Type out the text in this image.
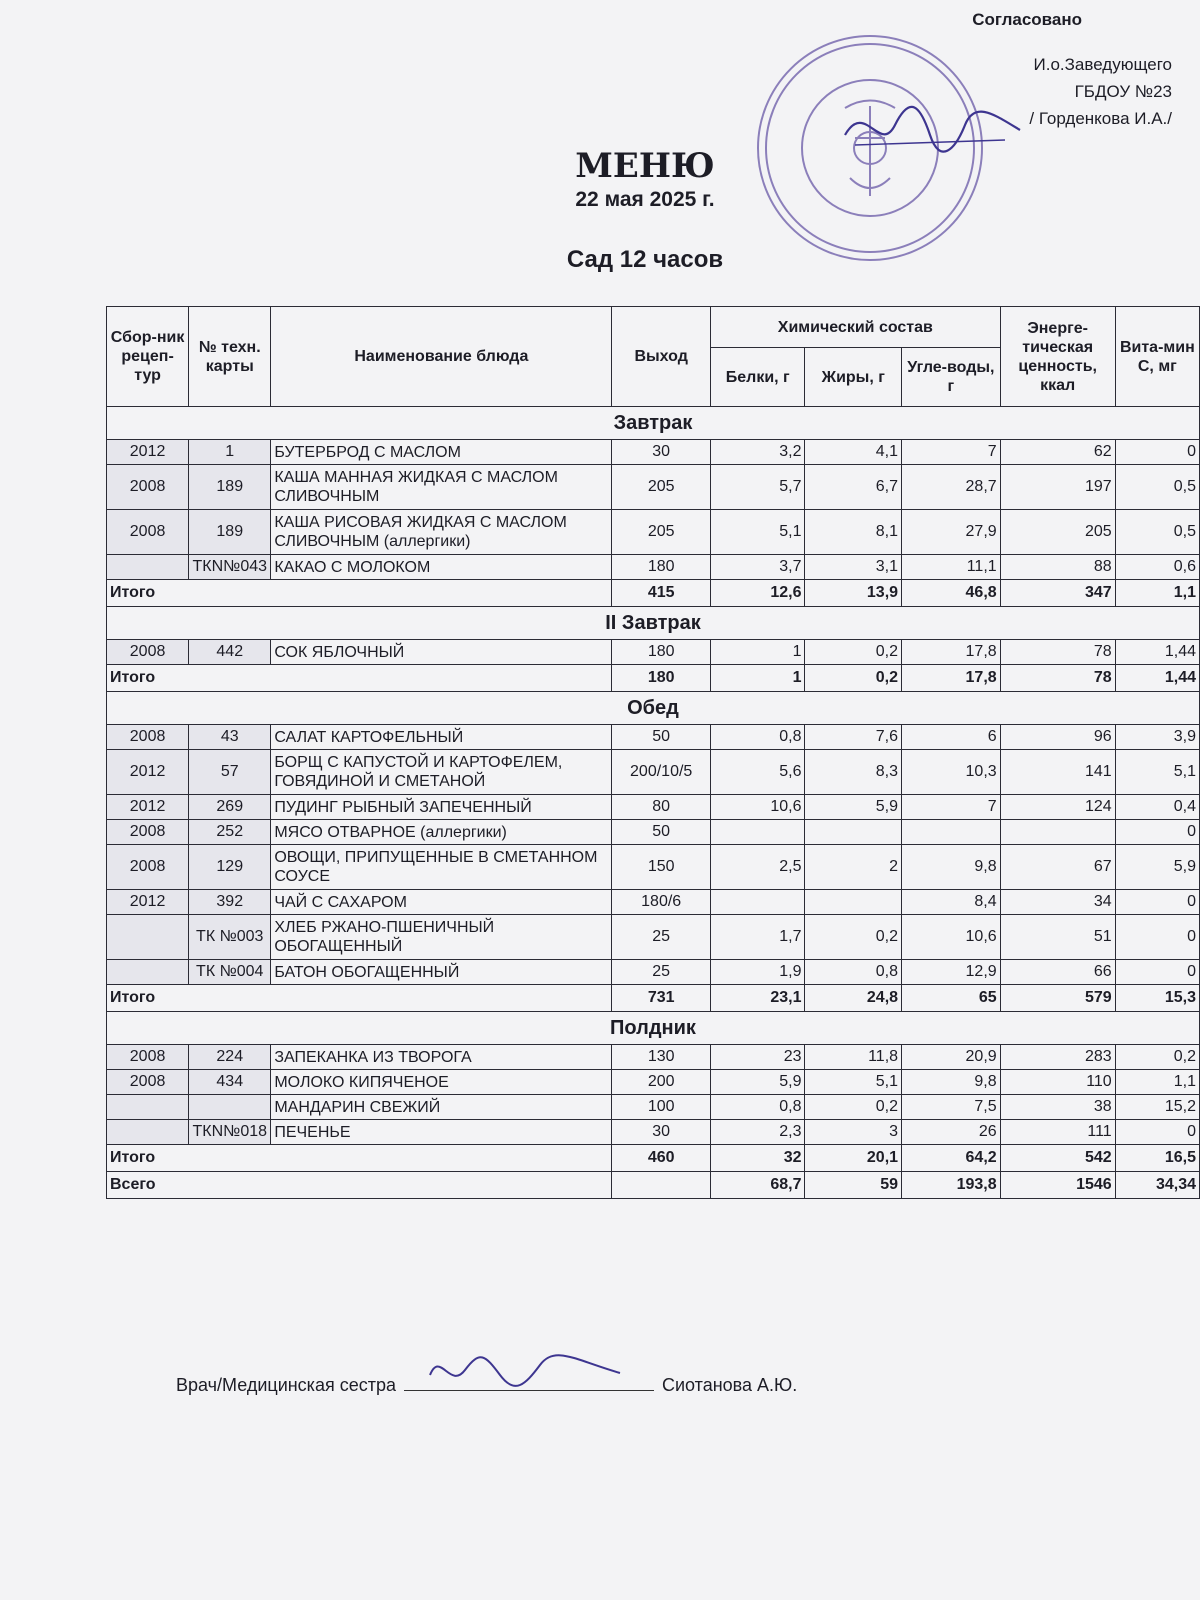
Согласовано
И.о.Заведующего
ГБДОУ №23
/ Горденкова И.А./
МЕНЮ
22 мая 2025 г.
Сад 12 часов
Сбор-ник рецеп-тур	№ техн. карты	Наименование блюда	Выход	Химический состав			Энерге-тическая ценность, ккал	Вита-мин С, мг
				Белки, г	Жиры, г	Угле-воды, г		
Завтрак								
2012	1	БУТЕРБРОД С МАСЛОМ	30	3,2	4,1	7	62	0
2008	189	КАША МАННАЯ ЖИДКАЯ С МАСЛОМ СЛИВОЧНЫМ	205	5,7	6,7	28,7	197	0,5
2008	189	КАША РИСОВАЯ ЖИДКАЯ С МАСЛОМ СЛИВОЧНЫМ (аллергики)	205	5,1	8,1	27,9	205	0,5
	ТКN№043	КАКАО С МОЛОКОМ	180	3,7	3,1	11,1	88	0,6
Итого			415	12,6	13,9	46,8	347	1,1
II Завтрак								
2008	442	СОК ЯБЛОЧНЫЙ	180	1	0,2	17,8	78	1,44
Итого			180	1	0,2	17,8	78	1,44
Обед								
2008	43	САЛАТ КАРТОФЕЛЬНЫЙ	50	0,8	7,6	6	96	3,9
2012	57	БОРЩ С КАПУСТОЙ И КАРТОФЕЛЕМ, ГОВЯДИНОЙ И СМЕТАНОЙ	200/10/5	5,6	8,3	10,3	141	5,1
2012	269	ПУДИНГ РЫБНЫЙ ЗАПЕЧЕННЫЙ	80	10,6	5,9	7	124	0,4
2008	252	МЯСО ОТВАРНОЕ (аллергики)	50					0
2008	129	ОВОЩИ, ПРИПУЩЕННЫЕ В СМЕТАННОМ СОУСЕ	150	2,5	2	9,8	67	5,9
2012	392	ЧАЙ С САХАРОМ	180/6			8,4	34	0
	ТК №003	ХЛЕБ РЖАНО-ПШЕНИЧНЫЙ ОБОГАЩЕННЫЙ	25	1,7	0,2	10,6	51	0
	ТК №004	БАТОН ОБОГАЩЕННЫЙ	25	1,9	0,8	12,9	66	0
Итого			731	23,1	24,8	65	579	15,3
Полдник								
2008	224	ЗАПЕКАНКА ИЗ ТВОРОГА	130	23	11,8	20,9	283	0,2
2008	434	МОЛОКО КИПЯЧЕНОЕ	200	5,9	5,1	9,8	110	1,1
		МАНДАРИН СВЕЖИЙ	100	0,8	0,2	7,5	38	15,2
	ТКN№018	ПЕЧЕНЬЕ	30	2,3	3	26	111	0
Итого			460	32	20,1	64,2	542	16,5
Всего				68,7	59	193,8	1546	34,34
Врач/Медицинская сестра	Сиотанова А.Ю.
